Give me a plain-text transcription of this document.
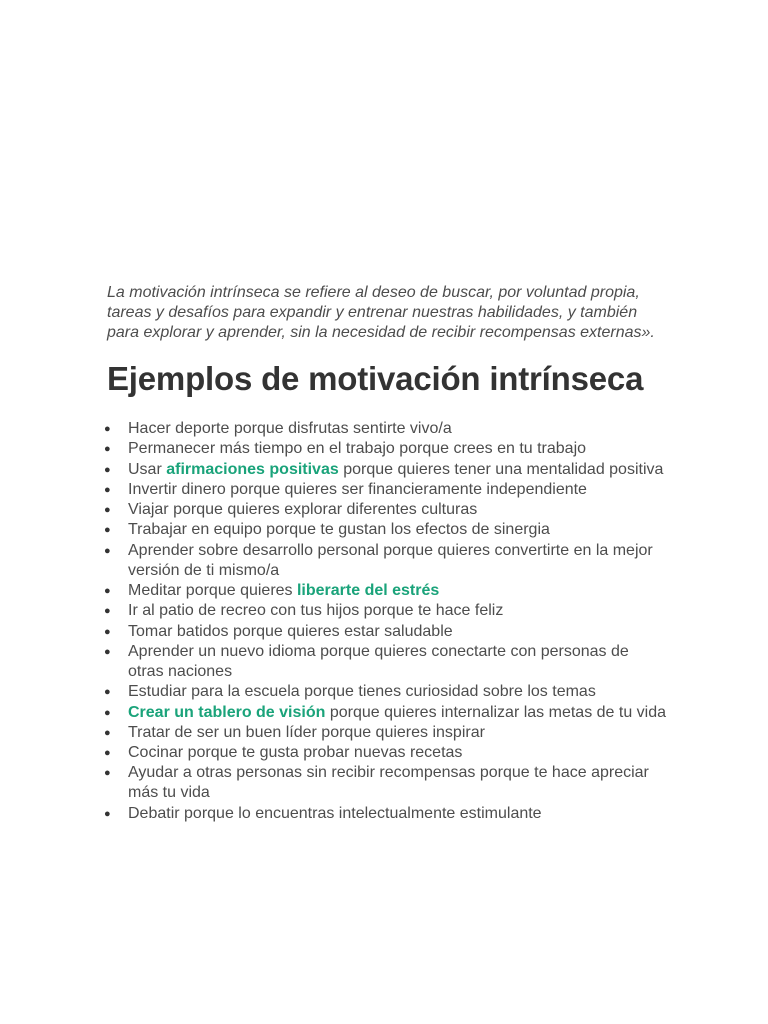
La motivación intrínseca se refiere al deseo de buscar, por voluntad propia, tareas y desafíos para expandir y entrenar nuestras habilidades, y también para explorar y aprender, sin la necesidad de recibir recompensas externas».

Ejemplos de motivación intrínseca
● Hacer deporte porque disfrutas sentirte vivo/a
● Permanecer más tiempo en el trabajo porque crees en tu trabajo
● Usar afirmaciones positivas porque quieres tener una mentalidad positiva
● Invertir dinero porque quieres ser financieramente independiente
● Viajar porque quieres explorar diferentes culturas
● Trabajar en equipo porque te gustan los efectos de sinergia
● Aprender sobre desarrollo personal porque quieres convertirte en la mejor versión de ti mismo/a
● Meditar porque quieres liberarte del estrés
● Ir al patio de recreo con tus hijos porque te hace feliz
● Tomar batidos porque quieres estar saludable
● Aprender un nuevo idioma porque quieres conectarte con personas de otras naciones
● Estudiar para la escuela porque tienes curiosidad sobre los temas
● Crear un tablero de visión porque quieres internalizar las metas de tu vida
● Tratar de ser un buen líder porque quieres inspirar
● Cocinar porque te gusta probar nuevas recetas
● Ayudar a otras personas sin recibir recompensas porque te hace apreciar más tu vida
● Debatir porque lo encuentras intelectualmente estimulante
